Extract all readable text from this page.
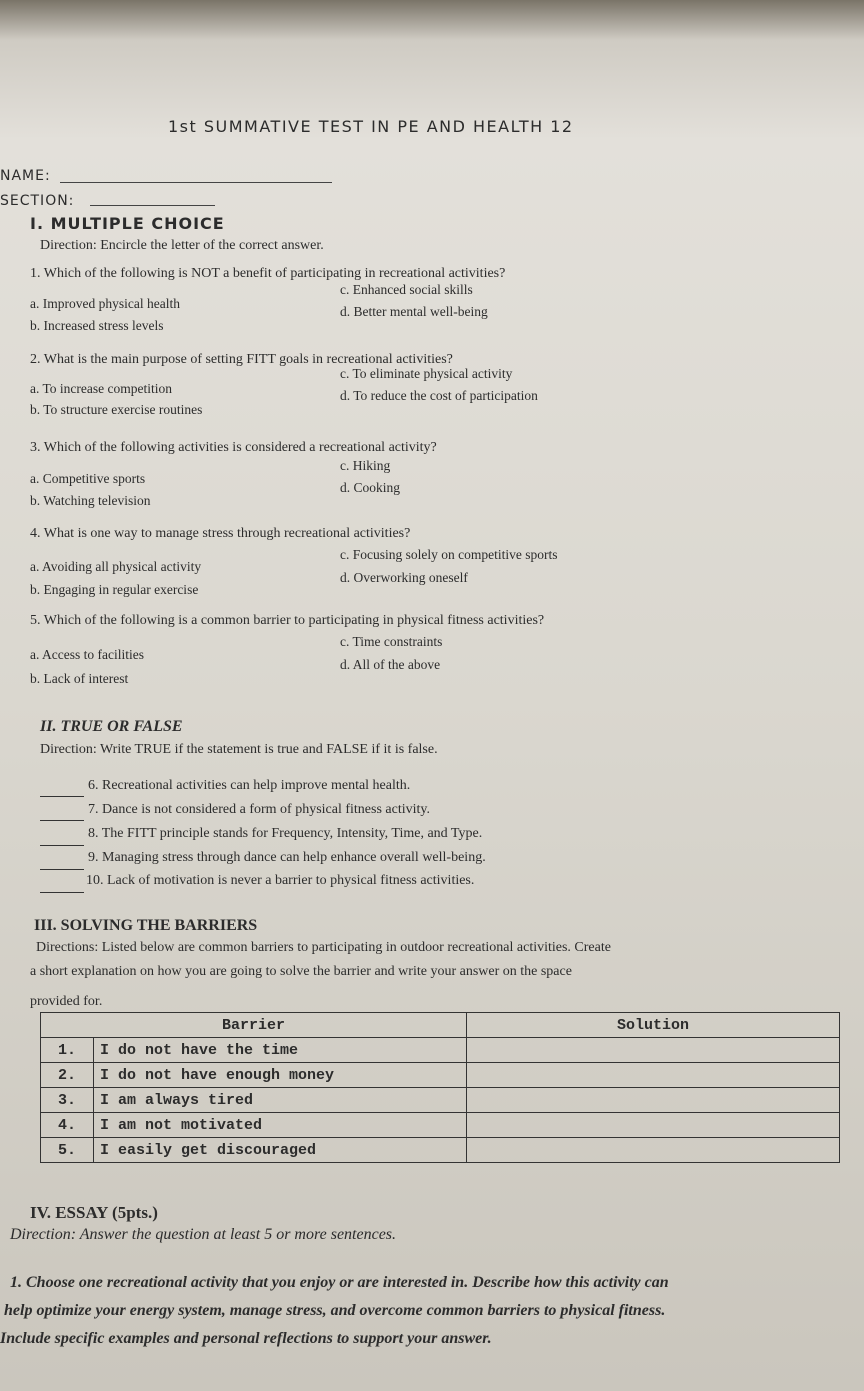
1st SUMMATIVE TEST IN PE AND HEALTH 12
NAME:
SECTION:
I. MULTIPLE CHOICE
Direction: Encircle the letter of the correct answer.
1. Which of the following is NOT a benefit of participating in recreational activities?
a. Improved physical health
b. Increased stress levels
c. Enhanced social skills
d. Better mental well-being
2. What is the main purpose of setting FITT goals in recreational activities?
a. To increase competition
b. To structure exercise routines
c. To eliminate physical activity
d. To reduce the cost of participation
3. Which of the following activities is considered a recreational activity?
a. Competitive sports
b. Watching television
c. Hiking
d. Cooking
4. What is one way to manage stress through recreational activities?
a. Avoiding all physical activity
b. Engaging in regular exercise
c. Focusing solely on competitive sports
d. Overworking oneself
5. Which of the following is a common barrier to participating in physical fitness activities?
a. Access to facilities
b. Lack of interest
c. Time constraints
d. All of the above
II. TRUE OR FALSE
Direction: Write TRUE if the statement is true and FALSE if it is false.
6. Recreational activities can help improve mental health.
7. Dance is not considered a form of physical fitness activity.
8. The FITT principle stands for Frequency, Intensity, Time, and Type.
9. Managing stress through dance can help enhance overall well-being.
10. Lack of motivation is never a barrier to physical fitness activities.
III. SOLVING THE BARRIERS
Directions: Listed below are common barriers to participating in outdoor recreational activities. Create
a short explanation on how you are going to solve the barrier and write your answer on the space
provided for.
Barrier		Solution
1.	I do not have the time	
2.	I do not have enough money	
3.	I am always tired	
4.	I am not motivated	
5.	I easily get discouraged	
IV. ESSAY (5pts.)
Direction: Answer the question at least 5 or more sentences.
1. Choose one recreational activity that you enjoy or are interested in. Describe how this activity can
help optimize your energy system, manage stress, and overcome common barriers to physical fitness.
Include specific examples and personal reflections to support your answer.
